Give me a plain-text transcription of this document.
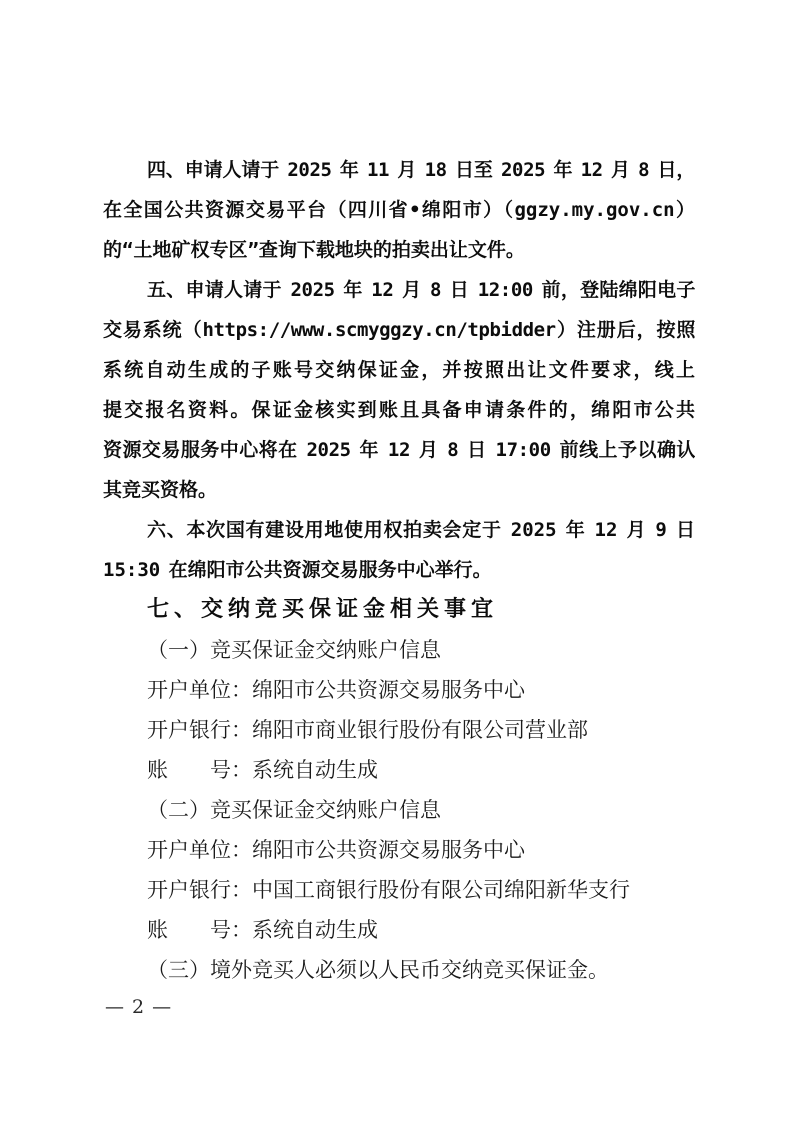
四、申请人请于 2025 年 11 月 18 日至 2025 年 12 月 8 日，
在全国公共资源交易平台（四川省•绵阳市）（ggzy.my.gov.cn）
的“土地矿权专区”查询下载地块的拍卖出让文件。
五、申请人请于 2025 年 12 月 8 日 12:00 前，登陆绵阳电子
交易系统（https://www.scmyggzy.cn/tpbidder）注册后，按照
系统自动生成的子账号交纳保证金，并按照出让文件要求，线上
提交报名资料。保证金核实到账且具备申请条件的，绵阳市公共
资源交易服务中心将在 2025 年 12 月 8 日 17:00 前线上予以确认
其竞买资格。
六、本次国有建设用地使用权拍卖会定于 2025 年 12 月 9 日
15:30 在绵阳市公共资源交易服务中心举行。
七、交纳竞买保证金相关事宜
（一）竞买保证金交纳账户信息
开户单位：绵阳市公共资源交易服务中心
开户银行：绵阳市商业银行股份有限公司营业部
账　　号：系统自动生成
（二）竞买保证金交纳账户信息
开户单位：绵阳市公共资源交易服务中心
开户银行：中国工商银行股份有限公司绵阳新华支行
账　　号：系统自动生成
（三）境外竞买人必须以人民币交纳竞买保证金。
— 2 —
